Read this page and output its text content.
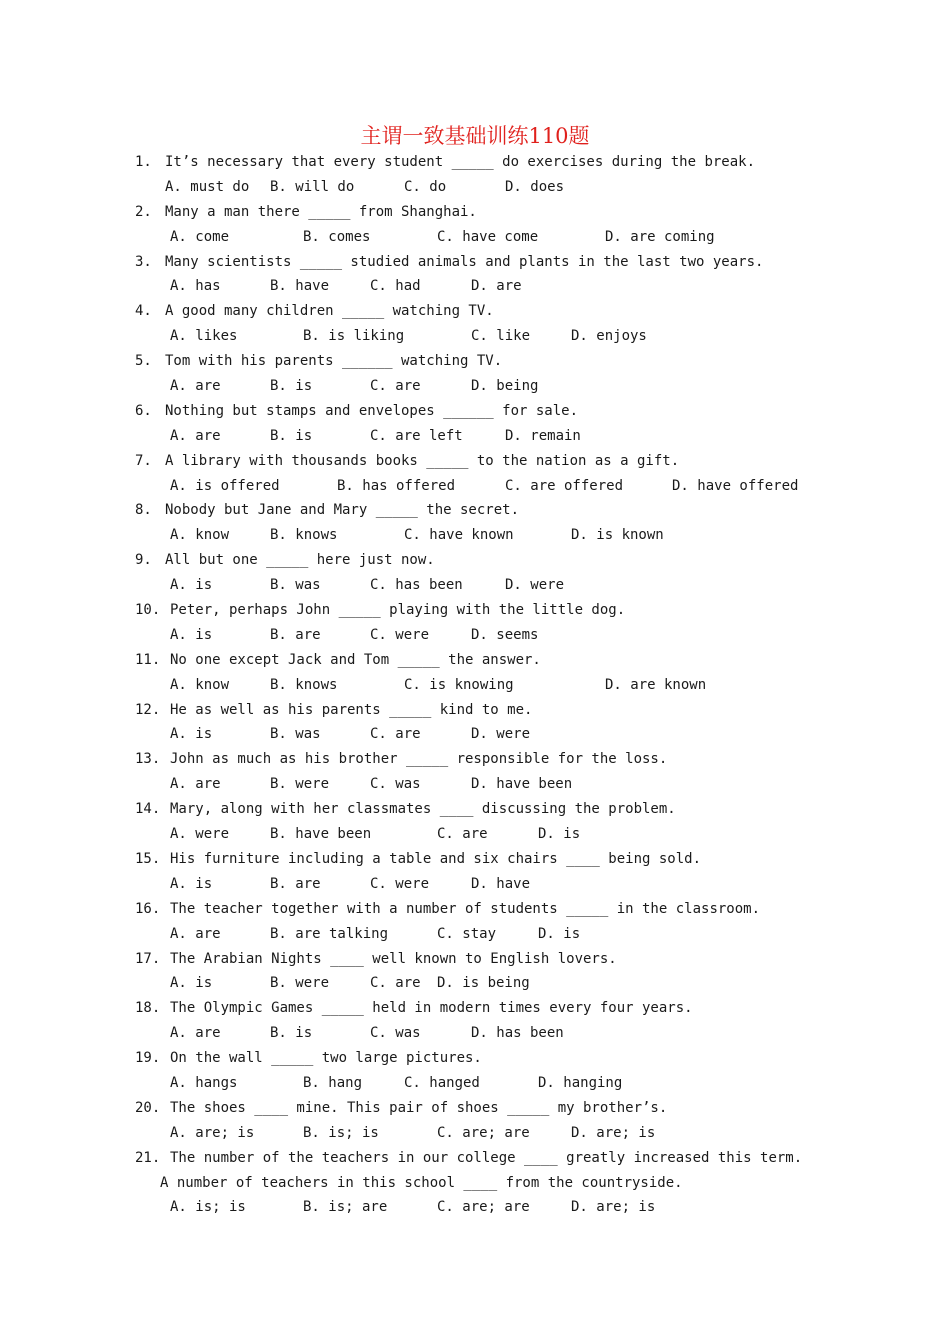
主谓一致基础训练110题
1. It’s necessary that every student _____ do exercises during the break.
A. must do B. will do	C. do	D. does
2. Many a man there _____ from Shanghai.
A. come	B. comes	C. have come	D. are coming
3. Many scientists _____ studied animals and plants in the last two years.
A. has	B. have	C. had	D. are
4. A good many children _____ watching TV.
A. likes	B. is liking	C. like	D. enjoys
5. Tom with his parents ______ watching TV.
A. are	B. is	C. are	D. being
6. Nothing but stamps and envelopes ______ for sale.
A. are	B. is	C. are left	D. remain
7. A library with thousands books _____ to the nation as a gift.
A. is offered	B. has offered	C. are offered	D. have offered
8. Nobody but Jane and Mary _____ the secret.
A. know	B. knows	C. have known	D. is known
9. All but one _____ here just now.
A. is	B. was	C. has been	D. were
10. Peter, perhaps John _____ playing with the little dog.
A. is	B. are	C. were	D. seems
11. No one except Jack and Tom _____ the answer.
A. know	B. knows	C. is knowing	D. are known
12. He as well as his parents _____ kind to me.
A. is	B. was	C. are	D. were
13. John as much as his brother _____ responsible for the loss.
A. are	B. were	C. was	D. have been
14. Mary, along with her classmates ____ discussing the problem.
A. were	B. have been	C. are	D. is
15. His furniture including a table and six chairs ____ being sold.
A. is	B. are	C. were	D. have
16. The teacher together with a number of students _____ in the classroom.
A. are	B. are talking	C. stay	D. is
17. The Arabian Nights ____ well known to English lovers.
A. is	B. were	C. are D. is being
18. The Olympic Games _____ held in modern times every four years.
A. are	B. is	C. was	D. has been
19. On the wall _____ two large pictures.
A. hangs	B. hang	C. hanged	D. hanging
20. The shoes ____ mine. This pair of shoes _____ my brother’s.
A. are; is	B. is; is	C. are; are	D. are; is
21. The number of the teachers in our college ____ greatly increased this term.
A number of teachers in this school ____ from the countryside.
A. is; is	B. is; are	C. are; are	D. are; is
